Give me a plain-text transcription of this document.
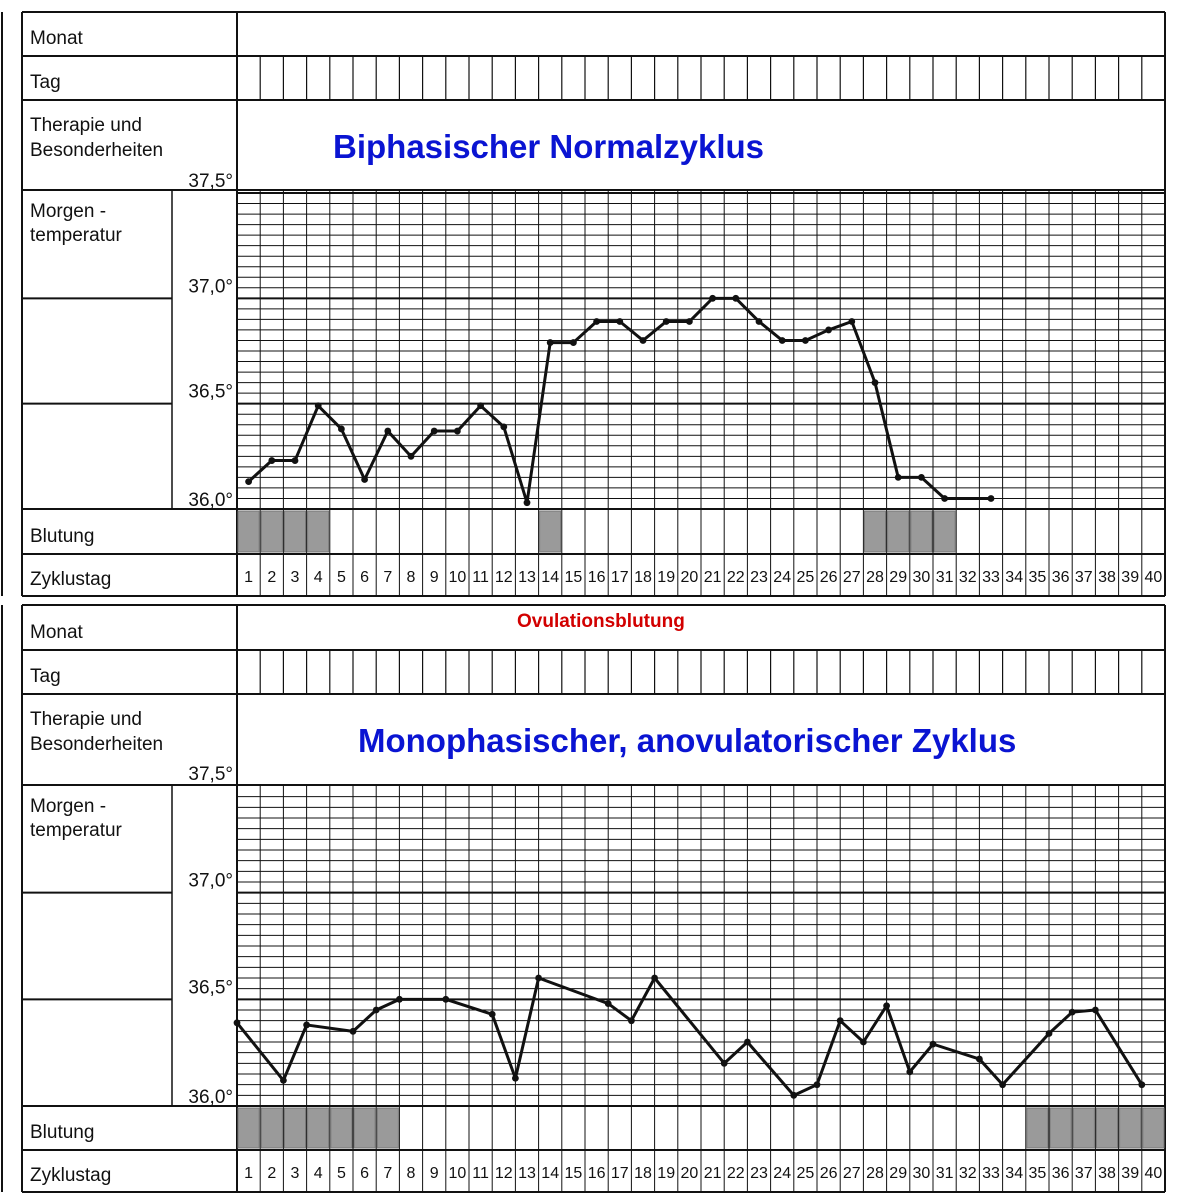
Monat
Tag
Therapie und
Besonderheiten
Morgen -
temperatur
Blutung
Zyklustag
37,5°
37,0°
36,5°
36,0°
Biphasischer Normalzyklus
1 2 3 4 5 6 7 8 9 10 11 12 13 14 15 16 17 18 19 20 21 22 23 24 25 26 27 28 29 30 31 32 33 34 35 36 37 38 39 40
Ovulationsblutung
Monat
Tag
Therapie und
Besonderheiten
Morgen -
temperatur
Blutung
Zyklustag
37,5°
37,0°
36,5°
36,0°
Monophasischer, anovulatorischer Zyklus
1 2 3 4 5 6 7 8 9 10 11 12 13 14 15 16 17 18 19 20 21 22 23 24 25 26 27 28 29 30 31 32 33 34 35 36 37 38 39 40
